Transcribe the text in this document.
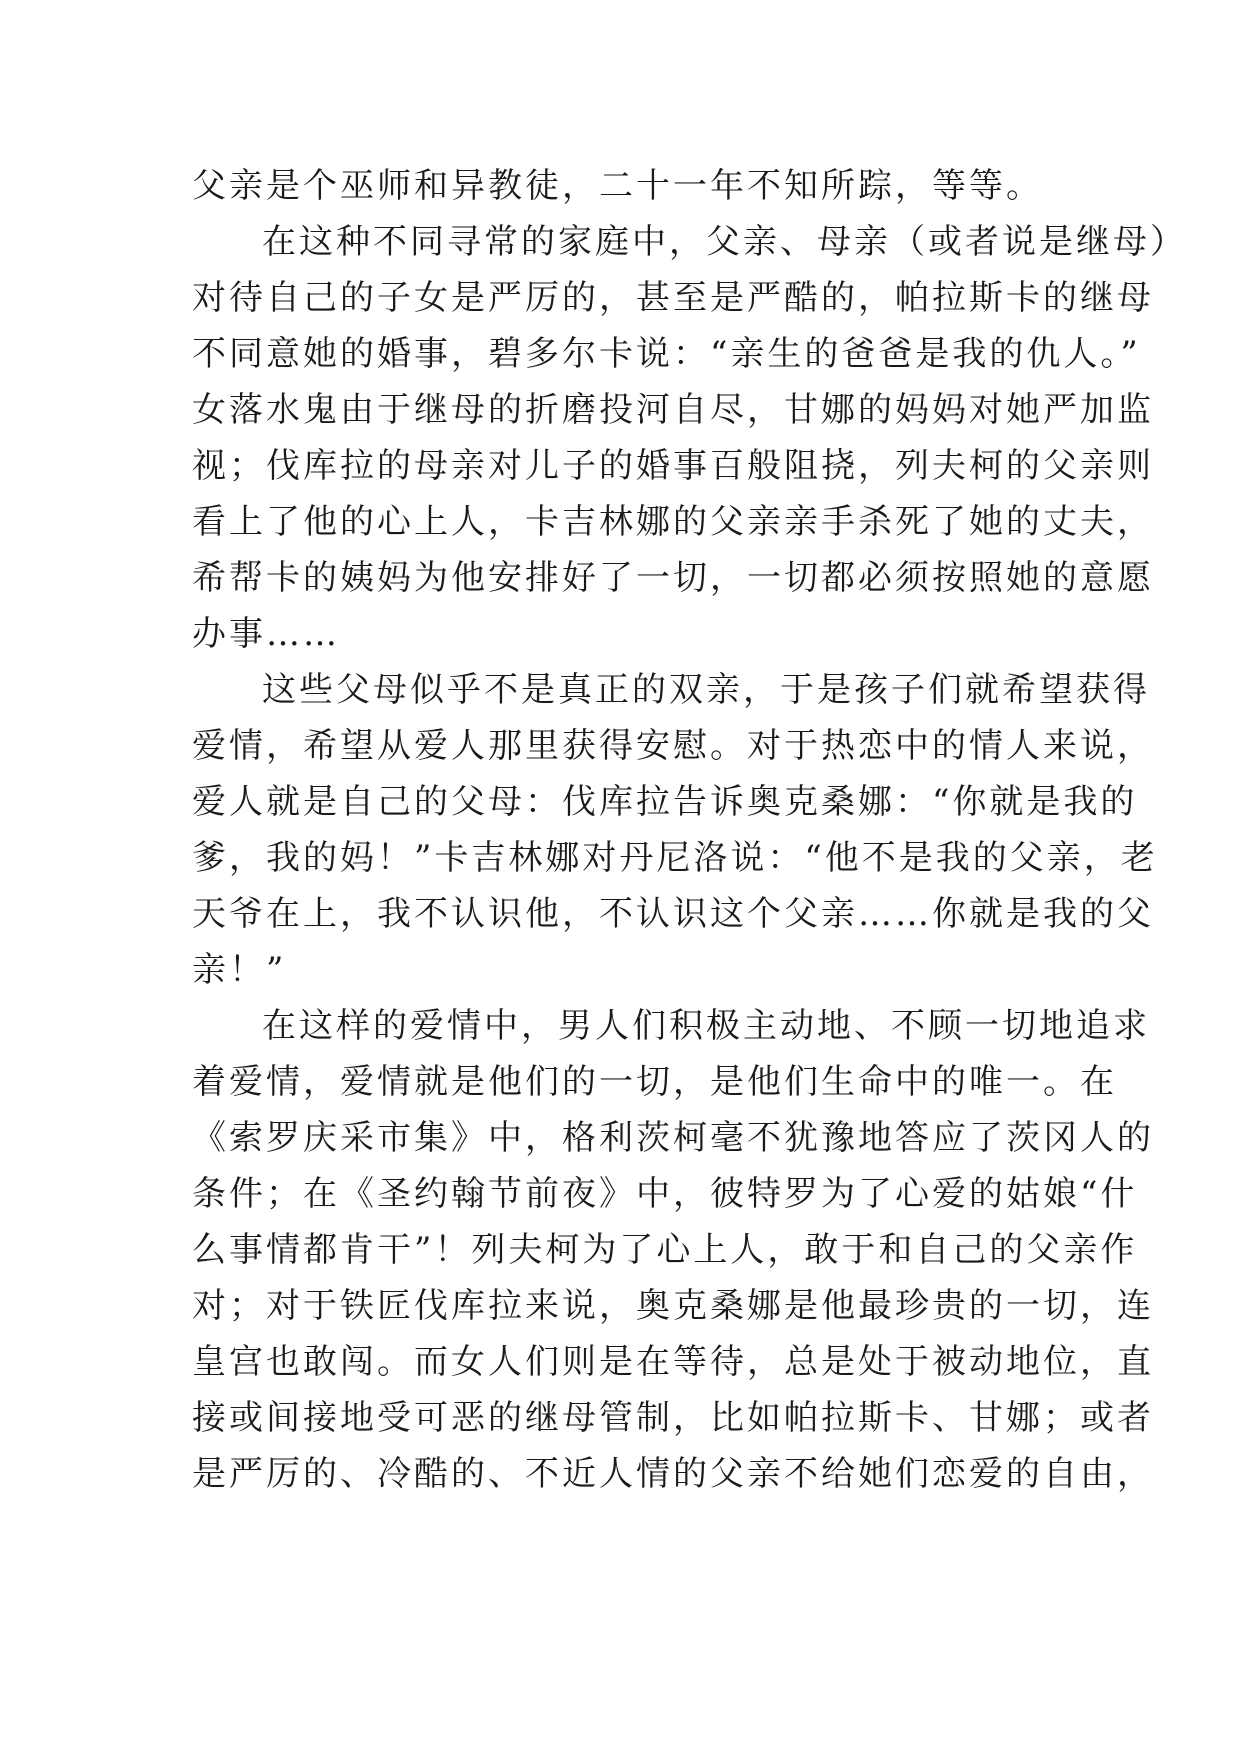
父亲是个巫师和异教徒，二十一年不知所踪，等等。
在这种不同寻常的家庭中，父亲、母亲（或者说是继母）
对待自己的子女是严厉的，甚至是严酷的，帕拉斯卡的继母
不同意她的婚事，碧多尔卡说：“亲生的爸爸是我的仇人。”
女落水鬼由于继母的折磨投河自尽，甘娜的妈妈对她严加监
视；伐库拉的母亲对儿子的婚事百般阻挠，列夫柯的父亲则
看上了他的心上人，卡吉林娜的父亲亲手杀死了她的丈夫，
希帮卡的姨妈为他安排好了一切，一切都必须按照她的意愿
办事……
这些父母似乎不是真正的双亲，于是孩子们就希望获得
爱情，希望从爱人那里获得安慰。对于热恋中的情人来说，
爱人就是自己的父母：伐库拉告诉奥克桑娜：“你就是我的
爹，我的妈！”卡吉林娜对丹尼洛说：“他不是我的父亲，老
天爷在上，我不认识他，不认识这个父亲……你就是我的父
亲！”
在这样的爱情中，男人们积极主动地、不顾一切地追求
着爱情，爱情就是他们的一切，是他们生命中的唯一。在
《索罗庆采市集》中，格利茨柯毫不犹豫地答应了茨冈人的
条件；在《圣约翰节前夜》中，彼特罗为了心爱的姑娘“什
么事情都肯干”！列夫柯为了心上人，敢于和自己的父亲作
对；对于铁匠伐库拉来说，奥克桑娜是他最珍贵的一切，连
皇宫也敢闯。而女人们则是在等待，总是处于被动地位，直
接或间接地受可恶的继母管制，比如帕拉斯卡、甘娜；或者
是严厉的、冷酷的、不近人情的父亲不给她们恋爱的自由，
